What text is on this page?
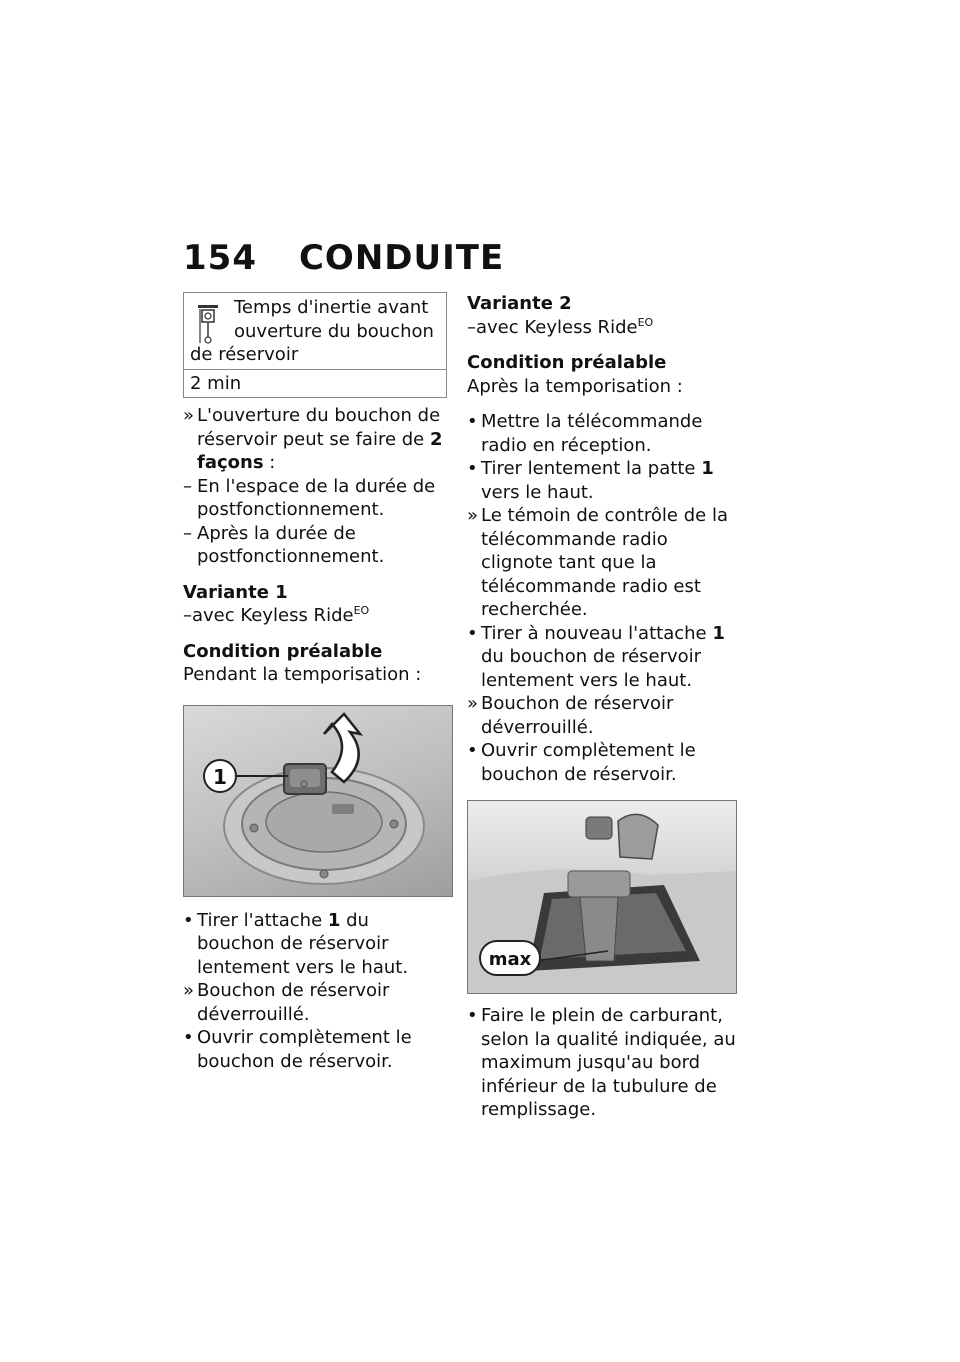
154 CONDUITE
Temps d'inertie avant
ouverture du bouchon
de réservoir
2 min

» L'ouverture du bouchon de réservoir peut se faire de 2 façons :

– En l'espace de la durée de postfonctionnement.

– Après la durée de postfonctionnement.

Variante 1
–avec Keyless Ride$^{EO}$
Condition préalable
Pendant la temporisation :
1

• Tirer l'attache 1 du bouchon de réservoir lentement vers le haut.

» Bouchon de réservoir déverrouillé.

• Ouvrir complètement le bouchon de réservoir.

Variante 2
–avec Keyless Ride$^{EO}$
Condition préalable
Après la temporisation :

• Mettre la télécommande radio en réception.

• Tirer lentement la patte 1 vers le haut.

» Le témoin de contrôle de la télécommande radio clignote tant que la télécommande radio est recherchée.

• Tirer à nouveau l'attache 1 du bouchon de réservoir lentement vers le haut.

» Bouchon de réservoir déverrouillé.

• Ouvrir complètement le bouchon de réservoir.

max

• Faire le plein de carburant, selon la qualité indiquée, au maximum jusqu'au bord inférieur de la tubulure de remplissage.
